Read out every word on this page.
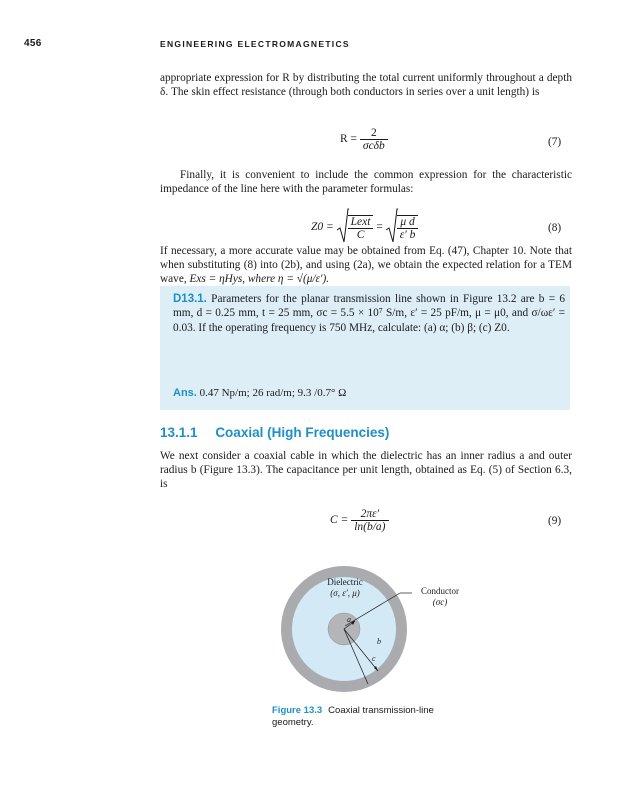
456	ENGINEERING ELECTROMAGNETICS
appropriate expression for R by distributing the total current uniformly throughout a depth δ. The skin effect resistance (through both conductors in series over a unit length) is
$R = \frac{2}{\text{σcδb}}$	(7)
Finally, it is convenient to include the common expression for the characteristic impedance of the line here with the parameter formulas:
$Z0 = \frac{\text{Lext}}{C} = \frac{\text{μ d}}{\varepsilon' b}$	(8)
If necessary, a more accurate value may be obtained from Eq. (47), Chapter 10. Note that when substituting (8) into (2b), and using (2a), we obtain the expected relation for a TEM wave, Exs = ηHys, where η = √(μ/ε′).
D13.1. Parameters for the planar transmission line shown in Figure 13.2 are b = 6 mm, d = 0.25 mm, t = 25 mm, σc = 5.5 × 10⁷ S/m, ε′ = 25 pF/m, μ = μ0, and σ/ωε′ = 0.03. If the operating frequency is 750 MHz, calculate: (a) α; (b) β; (c) Z0.
Ans. 0.47 Np/m; 26 rad/m; 9.3 /0.7° Ω
13.1.1 Coaxial (High Frequencies)
We next consider a coaxial cable in which the dielectric has an inner radius a and outer radius b (Figure 13.3). The capacitance per unit length, obtained as Eq. (5) of Section 6.3, is
$C = \frac{2\pi\varepsilon'}{\ln(b/a)}$	(9)
Dielectric
(σ, ε′, μ)	Conductor
(σc)
a
b
c
Figure 13.3 Coaxial transmission-line geometry.
